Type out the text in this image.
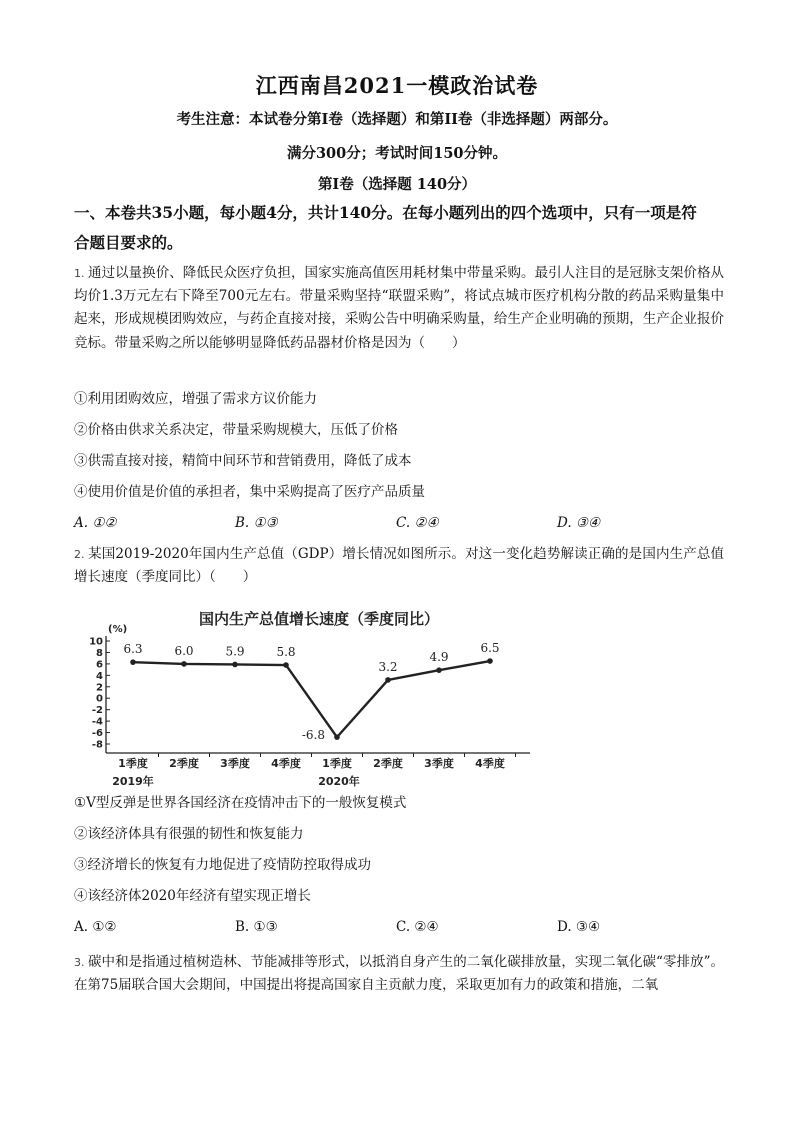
江西南昌2021一模政治试卷
考生注意：本试卷分第Ⅰ卷（选择题）和第II卷（非选择题）两部分。
满分300分；考试时间150分钟。
第Ⅰ卷（选择题 140分）
一、本卷共35小题，每小题4分，共计140分。在每小题列出的四个选项中，只有一项是符
合题目要求的。
1. 通过以量换价、降低民众医疗负担，国家实施高值医用耗材集中带量采购。最引人注目的是冠脉支架价格从均价1.3万元左右下降至700元左右。带量采购坚持“联盟采购”，将试点城市医疗机构分散的药品采购量集中起来，形成规模团购效应，与药企直接对接，采购公告中明确采购量，给生产企业明确的预期，生产企业报价竞标。带量采购之所以能够明显降低药品器材价格是因为（　　）
①利用团购效应，增强了需求方议价能力
②价格由供求关系决定，带量采购规模大，压低了价格
③供需直接对接，精简中间环节和营销费用，降低了成本
④使用价值是价值的承担者，集中采购提高了医疗产品质量
A. ①②	B. ①③	C. ②④	D. ③④
2. 某国2019-2020年国内生产总值（GDP）增长情况如图所示。对这一变化趋势解读正确的是国内生产总值增长速度（季度同比）（　　）
国内生产总值增长速度（季度同比）
(%)
10
8
6
4
2
0
-2
-4
-6
-8
1季度 2季度 3季度 4季度 1季度 2季度 3季度 4季度
2019年	2020年
6.3	6.0	5.9	5.8
-6.8
3.2
4.9
6.5
①V型反弹是世界各国经济在疫情冲击下的一般恢复模式
②该经济体具有很强的韧性和恢复能力
③经济增长的恢复有力地促进了疫情防控取得成功
④该经济体2020年经济有望实现正增长
A. ①②	B. ①③	C. ②④	D. ③④
3. 碳中和是指通过植树造林、节能减排等形式，以抵消自身产生的二氧化碳排放量，实现二氧化碳“零排放”。在第75届联合国大会期间，中国提出将提高国家自主贡献力度，采取更加有力的政策和措施，二氧
